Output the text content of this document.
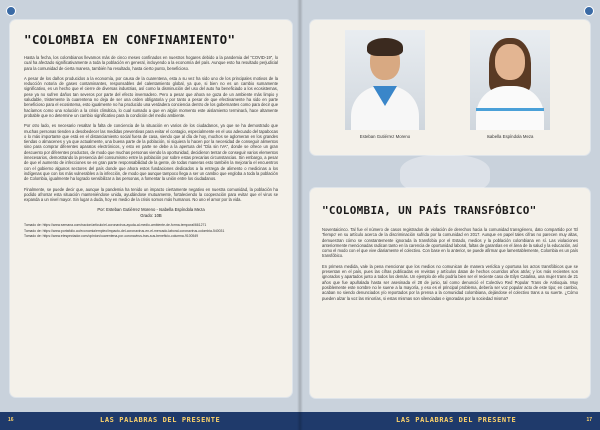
"COLOMBIA EN CONFINAMIENTO"

Hasta la fecha, los colombianos llevamos más de cinco meses confinados en nuestros hogares debido a la pandemia del "COVID-19", lo cual ha afectado significativamente a toda la población en general, incluyendo a la economía del país. Aunque esto ha resultado perjudicial para la comunidad de cierta manera, también ha resultado, hasta cierto punto, beneficioso.

A pesar de los daños producidos a la economía, por causa de la cuarentena, esta a su vez ha sido uno de los principales motivos de la reducción notoria de gases contaminantes, responsables del calentamiento global, ya que, si bien no es un cambio sumamente significativo, es un hecho que el cierre de diversas industrias, así como la disminución del uso del auto ha beneficiado a los ecosistemas, pese ya no sufren daños tan severos por parte del efecto invernadero. Pero a pesar que ahora se goza de un ambiente más limpio y saludable, tristemente la cuarentena no deja de ser una orden obligatoria y por tanto a pesar de que efectivamente ha sido en parte beneficioso para el ecosistema, esto igualmente no ha producido una verdadera conciencia dentro de los gobernantes como para decir que hacíamos como una solución a la crisis climática, lo cual sumado a que en algún momento este aislamiento terminará, hace altamente probable que no determine un cambio significativo para la condición del medio ambiente.

Por otro lado, es necesario resaltar la falta de conciencia de la situación en varios de los ciudadanos, ya que se ha demostrado que muchas personas tienden a desobedecer las medidas preventivas para evitar el contagio, especialmente en el uso adecuado del tapabocas o lo más importante que está en el distanciamiento social fuera de casa, siendo que al día de hoy, muchos se aglomeran en los grandes tiendas o almacenes y ya que actualmente, una buena parte de la población, ni siquiera lo hacen por la necesidad de conseguir alimentos sino para comprar diferentes aparatos electrónicos, y esto en parte se debe a la apertura del "Día sin IVA", donde se ofrece un gran descuento por diferentes productos, de modo que muchas personas viendo la oportunidad, decidieron tentar de conseguir varios elementos innecesarios, demostrando la presencia del consumismo entre la población por sobre estas precarias circunstancias. Sin embargo, a pesar de que el aumento de infecciones se en gran parte responsabilidad de la gente, de todas maneras esto también la mejoraría el encuentros con el gobierno algunos sectores del país donde que ahora estos fundaciones dedicados a la entrega de alimento o medicinas a los indígenas que con los más vulnerables a la infección, de modo que aunque tampoco llega a ser un cambio que engloba a toda la población de Colombia, igualmente ha logrado sensibilizar a las personas, a fomentar la unión entre los ciudadanos.

Finalmente, se puede decir que, aunque la pandemia ha tenido un impacto ciertamente negativo en nuestra comunidad, la población ha podido afrontar esta situación manteniéndose unida, ayudándose mutuamente, fortaleciendo la cooperación para evitar que el virus se expanda a un nivel mayor. Sin lugar a duda, hoy en medio de la crisis somos más humanos. No uno el amor por la vida.

Por: Esteban Gutiérrez Moreno - Isabella Espíndola Meza
Grado: 10B

Tomado de: https://www.semana.com/nacion/articulo/el-coronavirus-ayuda-al-medio-ambiente-de-forma-temporal/661271

Tomado de: https://www.portafolio.co/economia/empleo/impacto-del-coronavirus-en-el-mercado-laboral-coronavirus-colombia-540031

Tomado de: https://www.elespectador.com/opinion/cuarentena-por-coronavirus-tras-sus-beneficio-columna-9100549

16	LAS PALABRAS DEL PRESENTE
Esteban Gutiérrez Moreno	Isabella Espíndola Meza
"COLOMBIA, UN PAÍS TRANSFÓBICO"

Noventaicinco. Tal fue el número de casos registrados de violación de derechos hacia la comunidad transgénero, dato compartido por 'El Tiempo' en su artículo acerca de la discriminación sufrida por la comunidad en 2017. Aunque en papel tales cifras no parecen muy altas, demuestran cómo se constantemente ignorada la transfobia por el Estado, medios y la población colombiana en sí. Las violaciones anteriormente mencionadas radican tanto en la carencia de oportunidad laboral, faltas de garantías en el área de la salud y la educación, así como el modo con el que vive diariamente el colectivo. Con base en lo anterior, se puede afirmar que lamentablemente, Colombia es un país transfóbico.

En primera medida, vale la pena mencionar que los medios no comunican de manera verídica y oportuna los actos transfóbicos que se presentan en el país, pues las cifras publicadas en revistas y artículos datan de hechos ocurridos años atrás; y los más recientes son ignorados y apartados junto a todos los demás. Un ejemplo de ello podría bien ser el reciente caso de Eilyn Catalina, una mujer trans de 21 años que fue apuñalada hasta ser asesinada el 28 de junio, tal como denunció el Colectivo Red Popular Trans de Antioquia. Muy posiblemente este nombre no le suene a la mayoría, y eso es el principal problema, debería ser voz popular acto de este tipo; en cambio, acaban no siendo denunciados y/o reportados por la prensa a la comunidad colombiana, dejándose el colectivo trans a su suerte. ¿Cómo pueden alzar la voz las minorías, si estas mismas son silenciadas e ignoradas por la sociedad misma?

LAS PALABRAS DEL PRESENTE	17
